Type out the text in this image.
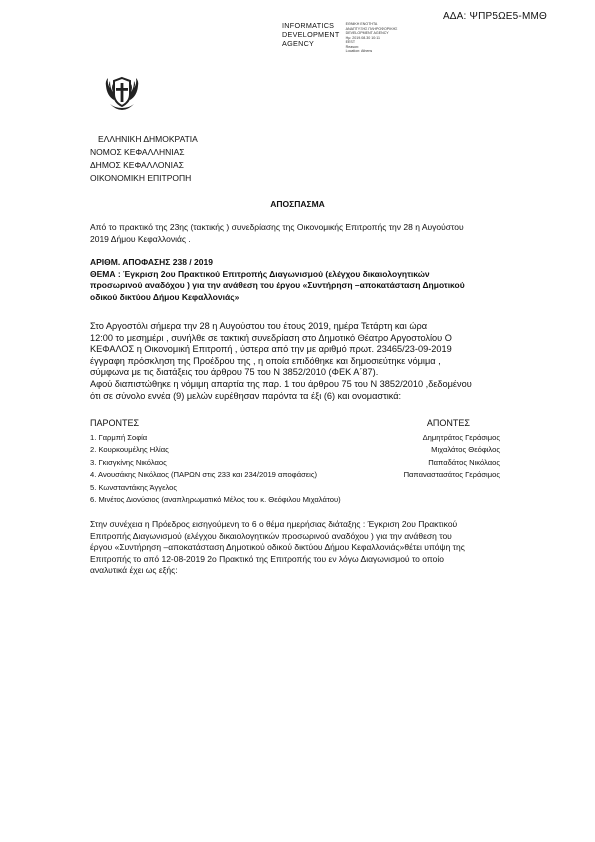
ΑΔΑ: ΨΠΡ5ΩΕ5-ΜΜΘ
INFORMATICS
DEVELOPMENT
AGENCY
ΕΘΝΙΚΗ ΕΝΟΤΗΤΑ
ΑΝΑΠΤΥΞΗΣ ΠΛΗΡΟΦΟΡΙΚΗΣ
DEVELOPMENT AGENCY
Ημ: 2019.08.30 10:11
EEST
Reason:
Location: Athens
ΕΛΛΗΝΙΚΗ ΔΗΜΟΚΡΑΤΙΑ
ΝΟΜΟΣ ΚΕΦΑΛΛΗΝΙΑΣ
ΔΗΜΟΣ ΚΕΦΑΛΛΟΝΙΑΣ
ΟΙΚΟΝΟΜΙΚΗ ΕΠΙΤΡΟΠΗ
ΑΠΟΣΠΑΣΜΑ
Από το πρακτικό της 23ης (τακτικής ) συνεδρίασης της Οικονομικής Επιτροπής την 28 η Αυγούστου
2019 Δήμου Κεφαλλονιάς .
ΑΡΙΘΜ. ΑΠΟΦΑΣΗΣ 238 / 2019
ΘΕΜΑ : Έγκριση 2ου Πρακτικού Επιτροπής Διαγωνισμού (ελέγχου δικαιολογητικών
προσωρινού αναδόχου ) για την ανάθεση του έργου «Συντήρηση –αποκατάσταση Δημοτικού
οδικού δικτύου Δήμου Κεφαλλονιάς»
Στο Αργοστόλι σήμερα την 28 η Αυγούστου του έτους 2019, ημέρα Τετάρτη και ώρα
12:00 το μεσημέρι , συνήλθε σε τακτική συνεδρίαση στο Δημοτικό Θέατρο Αργοστολίου Ο
ΚΕΦΑΛΟΣ η Οικονομική Επιτροπή , ύστερα από την με αριθμό πρωτ. 23465/23-09-2019
έγγραφη πρόσκληση της Προέδρου της , η οποία επιδόθηκε και δημοσιεύτηκε νόμιμα ,
σύμφωνα με τις διατάξεις του άρθρου 75 του Ν 3852/2010 (ΦΕΚ Α΄87).
Αφού διαπιστώθηκε η νόμιμη απαρτία της παρ. 1 του άρθρου 75 του Ν 3852/2010 ,δεδομένου
ότι σε σύνολο εννέα (9) μελών ευρέθησαν παρόντα τα έξι (6) και ονομαστικά:
ΠΑΡΟΝΤΕΣ	ΑΠΟΝΤΕΣ
1. Γαρμπή Σοφία	Δημητράτος Γεράσιμος
2. Κουρκουμέλης Ηλίας	Μιχαλάτος Θεόφιλος
3. Γκισγκίνης Νικόλαος	Παπαδάτος Νικόλαος
4. Ανουσάκης Νικόλαος (ΠΑΡΩΝ στις 233 και 234/2019 αποφάσεις)	Παπαναστασάτος Γεράσιμος
5. Κωνσταντάκης Άγγελος
6. Μινέτος Διονύσιος (αναπληρωματικό Μέλος του κ. Θεόφιλου Μιχαλάτου)
Στην συνέχεια η Πρόεδρος εισηγούμενη το 6 ο θέμα ημερήσιας διάταξης : Έγκριση 2ου Πρακτικού
Επιτροπής Διαγωνισμού (ελέγχου δικαιολογητικών προσωρινού αναδόχου ) για την ανάθεση του
έργου «Συντήρηση –αποκατάσταση Δημοτικού οδικού δικτύου Δήμου Κεφαλλονιάς»θέτει υπόψη της
Επιτροπής το από 12-08-2019 2ο Πρακτικό της Επιτροπής του εν λόγω Διαγωνισμού το οποίο
αναλυτικά έχει ως εξής:
